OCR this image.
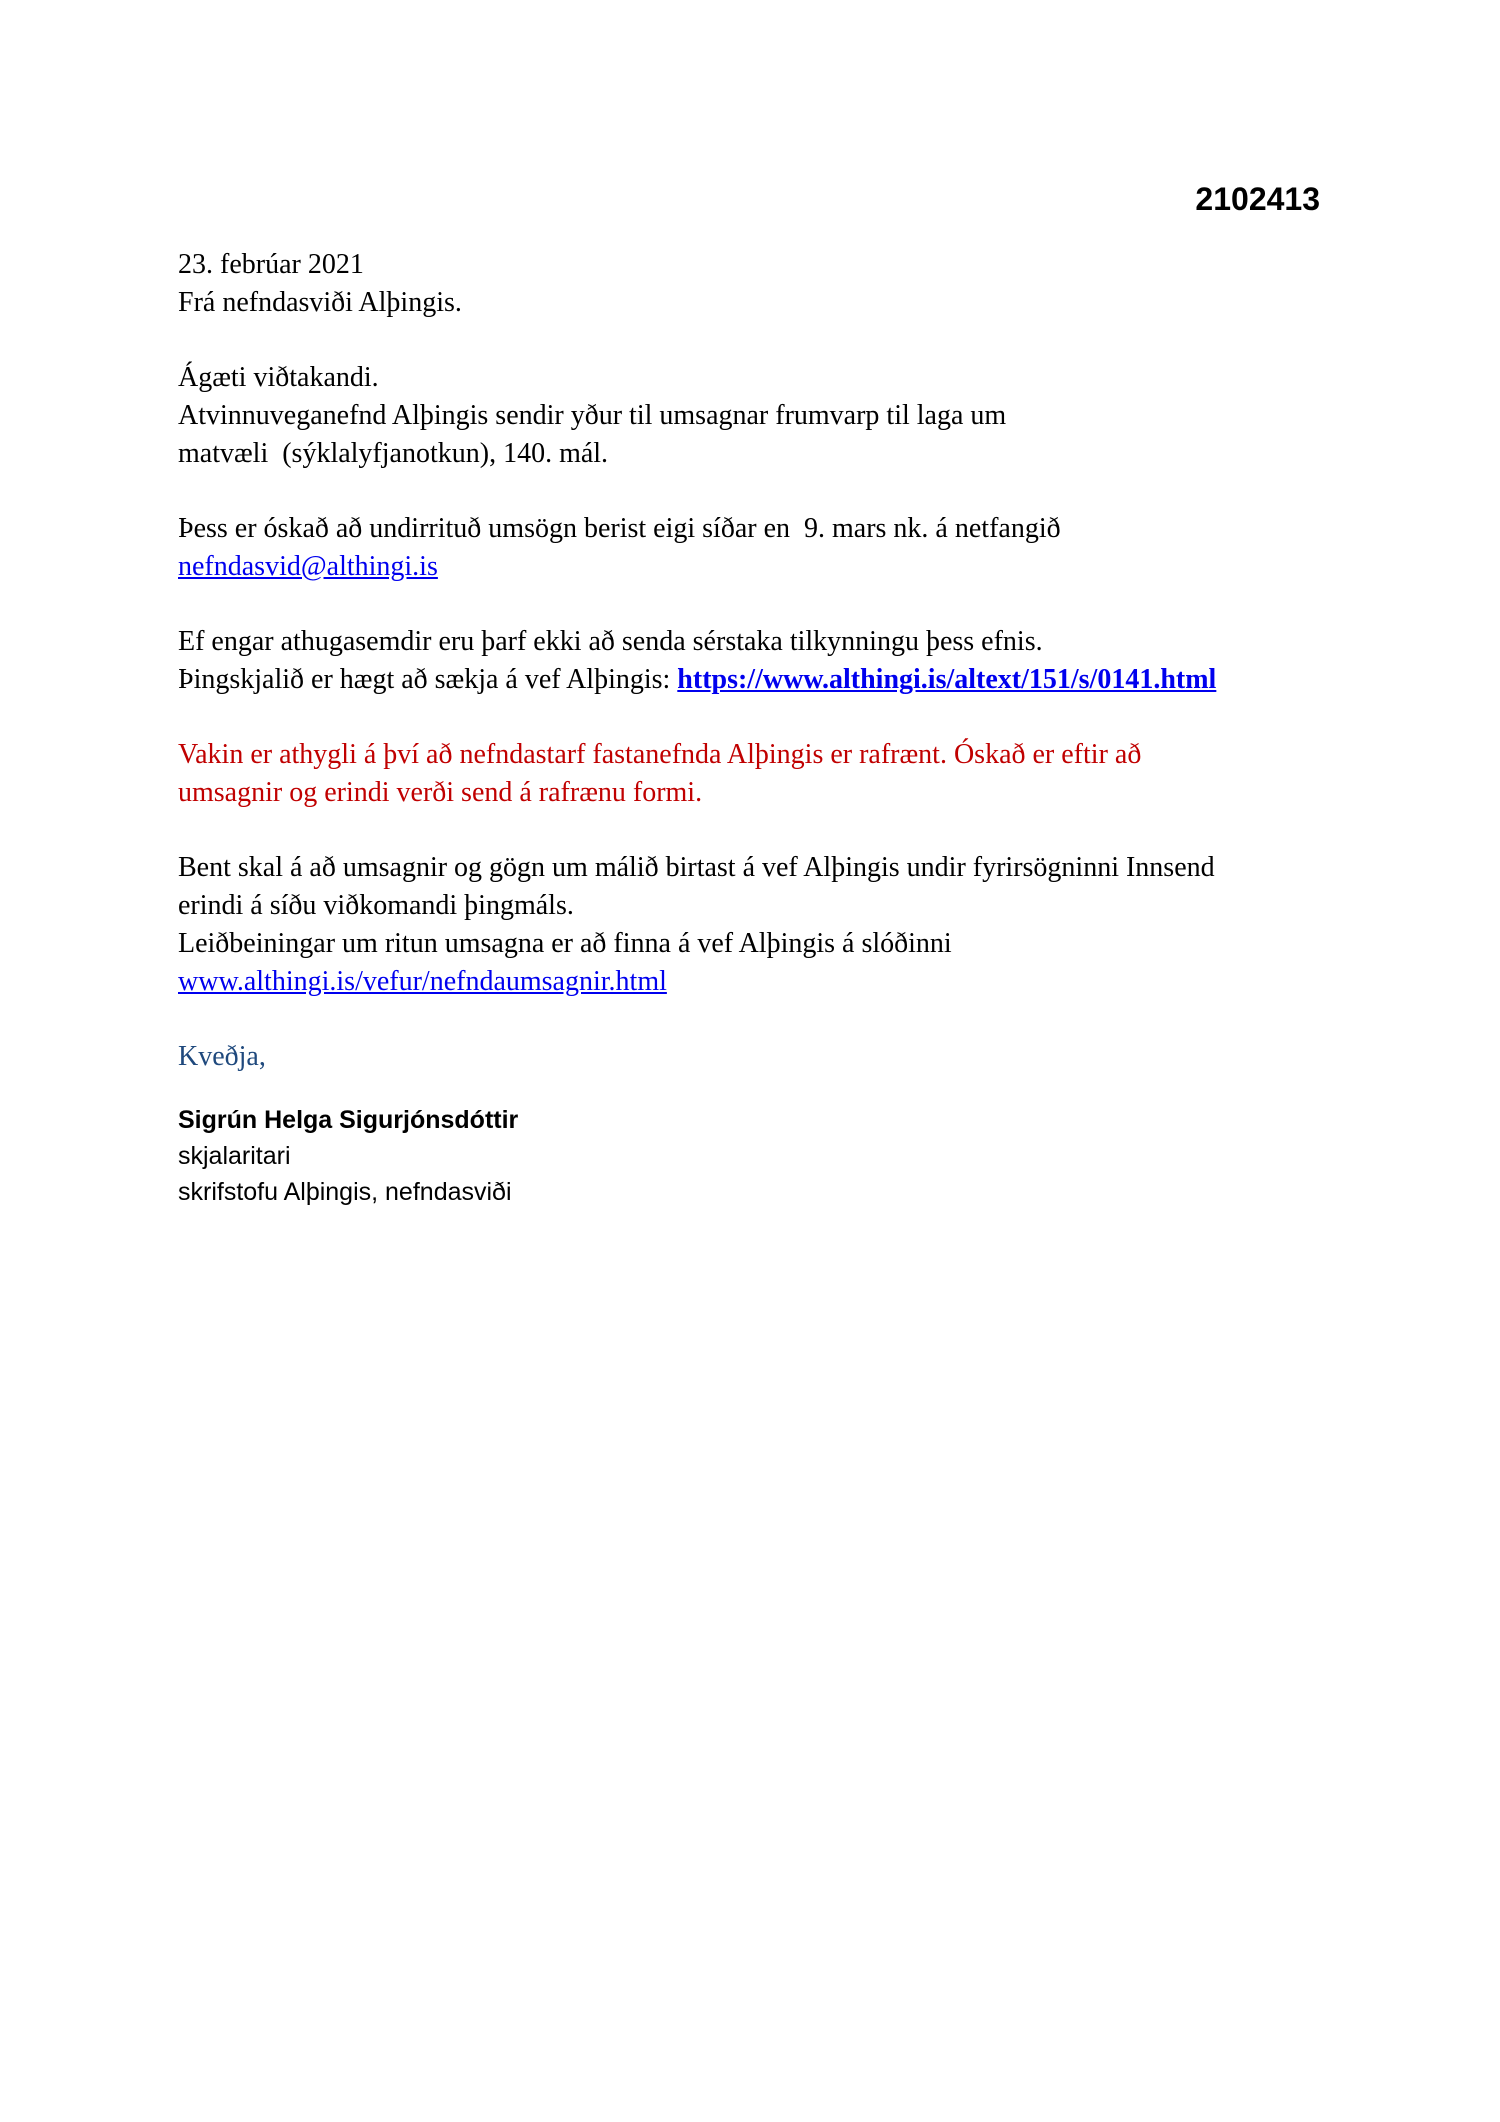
2102413
23. febrúar 2021
Frá nefndasviði Alþingis.
Ágæti viðtakandi.
Atvinnuveganefnd Alþingis sendir yður til umsagnar frumvarp til laga um
matvæli  (sýklalyfjanotkun), 140. mál.
Þess er óskað að undirrituð umsögn berist eigi síðar en  9. mars nk. á netfangið
nefndasvid@althingi.is
Ef engar athugasemdir eru þarf ekki að senda sérstaka tilkynningu þess efnis.
Þingskjalið er hægt að sækja á vef Alþingis: https://www.althingi.is/altext/151/s/0141.html
Vakin er athygli á því að nefndastarf fastanefnda Alþingis er rafrænt. Óskað er eftir að
umsagnir og erindi verði send á rafrænu formi.
Bent skal á að umsagnir og gögn um málið birtast á vef Alþingis undir fyrirsögninni Innsend
erindi á síðu viðkomandi þingmáls.
Leiðbeiningar um ritun umsagna er að finna á vef Alþingis á slóðinni
www.althingi.is/vefur/nefndaumsagnir.html
Kveðja,
Sigrún Helga Sigurjónsdóttir
skjalaritari
skrifstofu Alþingis, nefndasviði
